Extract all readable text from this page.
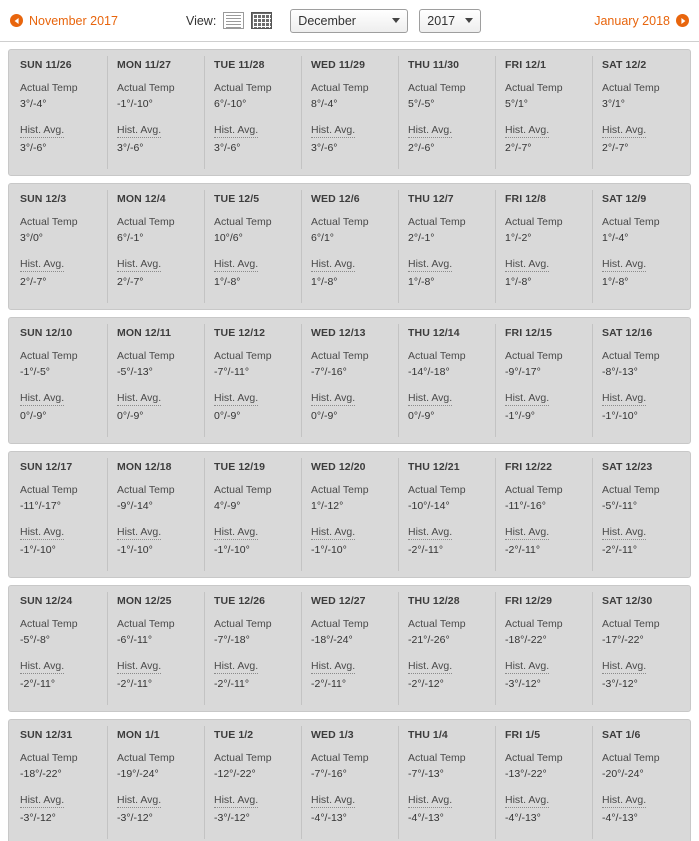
November 2017	View:	December	2017	January 2018
SUN 11/26
Actual Temp
3°/-4°
Hist. Avg.
3°/-6°
MON 11/27
Actual Temp
-1°/-10°
Hist. Avg.
3°/-6°
TUE 11/28
Actual Temp
6°/-10°
Hist. Avg.
3°/-6°
WED 11/29
Actual Temp
8°/-4°
Hist. Avg.
3°/-6°
THU 11/30
Actual Temp
5°/-5°
Hist. Avg.
2°/-6°
FRI 12/1
Actual Temp
5°/1°
Hist. Avg.
2°/-7°
SAT 12/2
Actual Temp
3°/1°
Hist. Avg.
2°/-7°
SUN 12/3
Actual Temp
3°/0°
Hist. Avg.
2°/-7°
MON 12/4
Actual Temp
6°/-1°
Hist. Avg.
2°/-7°
TUE 12/5
Actual Temp
10°/6°
Hist. Avg.
1°/-8°
WED 12/6
Actual Temp
6°/1°
Hist. Avg.
1°/-8°
THU 12/7
Actual Temp
2°/-1°
Hist. Avg.
1°/-8°
FRI 12/8
Actual Temp
1°/-2°
Hist. Avg.
1°/-8°
SAT 12/9
Actual Temp
1°/-4°
Hist. Avg.
1°/-8°
SUN 12/10
Actual Temp
-1°/-5°
Hist. Avg.
0°/-9°
MON 12/11
Actual Temp
-5°/-13°
Hist. Avg.
0°/-9°
TUE 12/12
Actual Temp
-7°/-11°
Hist. Avg.
0°/-9°
WED 12/13
Actual Temp
-7°/-16°
Hist. Avg.
0°/-9°
THU 12/14
Actual Temp
-14°/-18°
Hist. Avg.
0°/-9°
FRI 12/15
Actual Temp
-9°/-17°
Hist. Avg.
-1°/-9°
SAT 12/16
Actual Temp
-8°/-13°
Hist. Avg.
-1°/-10°
SUN 12/17
Actual Temp
-11°/-17°
Hist. Avg.
-1°/-10°
MON 12/18
Actual Temp
-9°/-14°
Hist. Avg.
-1°/-10°
TUE 12/19
Actual Temp
4°/-9°
Hist. Avg.
-1°/-10°
WED 12/20
Actual Temp
1°/-12°
Hist. Avg.
-1°/-10°
THU 12/21
Actual Temp
-10°/-14°
Hist. Avg.
-2°/-11°
FRI 12/22
Actual Temp
-11°/-16°
Hist. Avg.
-2°/-11°
SAT 12/23
Actual Temp
-5°/-11°
Hist. Avg.
-2°/-11°
SUN 12/24
Actual Temp
-5°/-8°
Hist. Avg.
-2°/-11°
MON 12/25
Actual Temp
-6°/-11°
Hist. Avg.
-2°/-11°
TUE 12/26
Actual Temp
-7°/-18°
Hist. Avg.
-2°/-11°
WED 12/27
Actual Temp
-18°/-24°
Hist. Avg.
-2°/-11°
THU 12/28
Actual Temp
-21°/-26°
Hist. Avg.
-2°/-12°
FRI 12/29
Actual Temp
-18°/-22°
Hist. Avg.
-3°/-12°
SAT 12/30
Actual Temp
-17°/-22°
Hist. Avg.
-3°/-12°
SUN 12/31
Actual Temp
-18°/-22°
Hist. Avg.
-3°/-12°
MON 1/1
Actual Temp
-19°/-24°
Hist. Avg.
-3°/-12°
TUE 1/2
Actual Temp
-12°/-22°
Hist. Avg.
-3°/-12°
WED 1/3
Actual Temp
-7°/-16°
Hist. Avg.
-4°/-13°
THU 1/4
Actual Temp
-7°/-13°
Hist. Avg.
-4°/-13°
FRI 1/5
Actual Temp
-13°/-22°
Hist. Avg.
-4°/-13°
SAT 1/6
Actual Temp
-20°/-24°
Hist. Avg.
-4°/-13°
